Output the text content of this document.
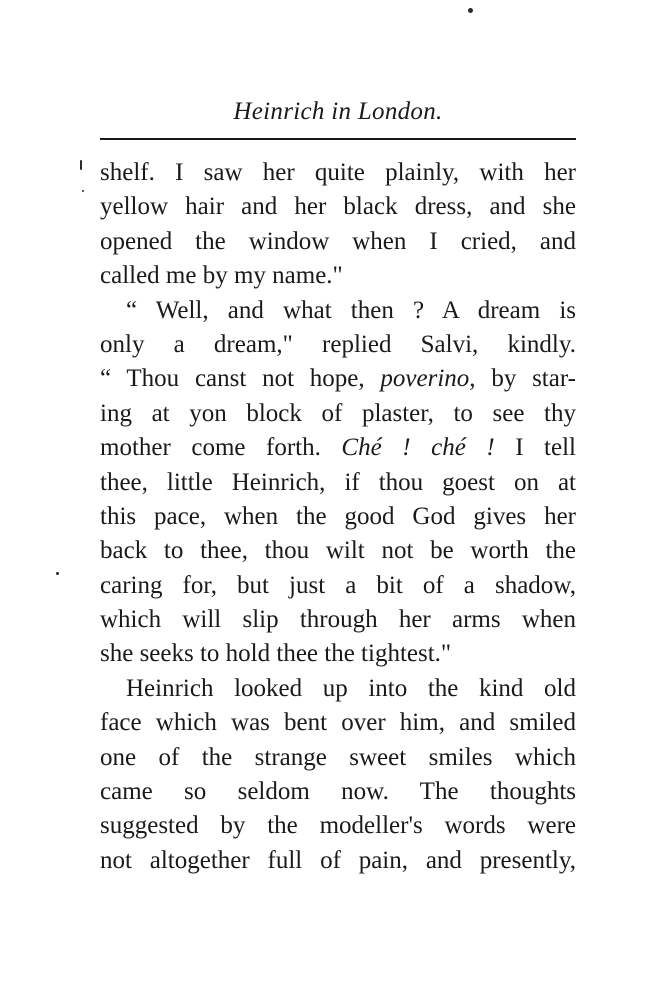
Heinrich in London.
shelf. I saw her quite plainly, with her
yellow hair and her black dress, and she
opened the window when I cried, and
called me by my name."
“ Well, and what then ? A dream is
only a dream," replied Salvi, kindly.
“ Thou canst not hope, poverino, by star-
ing at yon block of plaster, to see thy
mother come forth. Ché ! ché ! I tell
thee, little Heinrich, if thou goest on at
this pace, when the good God gives her
back to thee, thou wilt not be worth the
caring for, but just a bit of a shadow,
which will slip through her arms when
she seeks to hold thee the tightest."
Heinrich looked up into the kind old
face which was bent over him, and smiled
one of the strange sweet smiles which
came so seldom now. The thoughts
suggested by the modeller's words were
not altogether full of pain, and presently,
